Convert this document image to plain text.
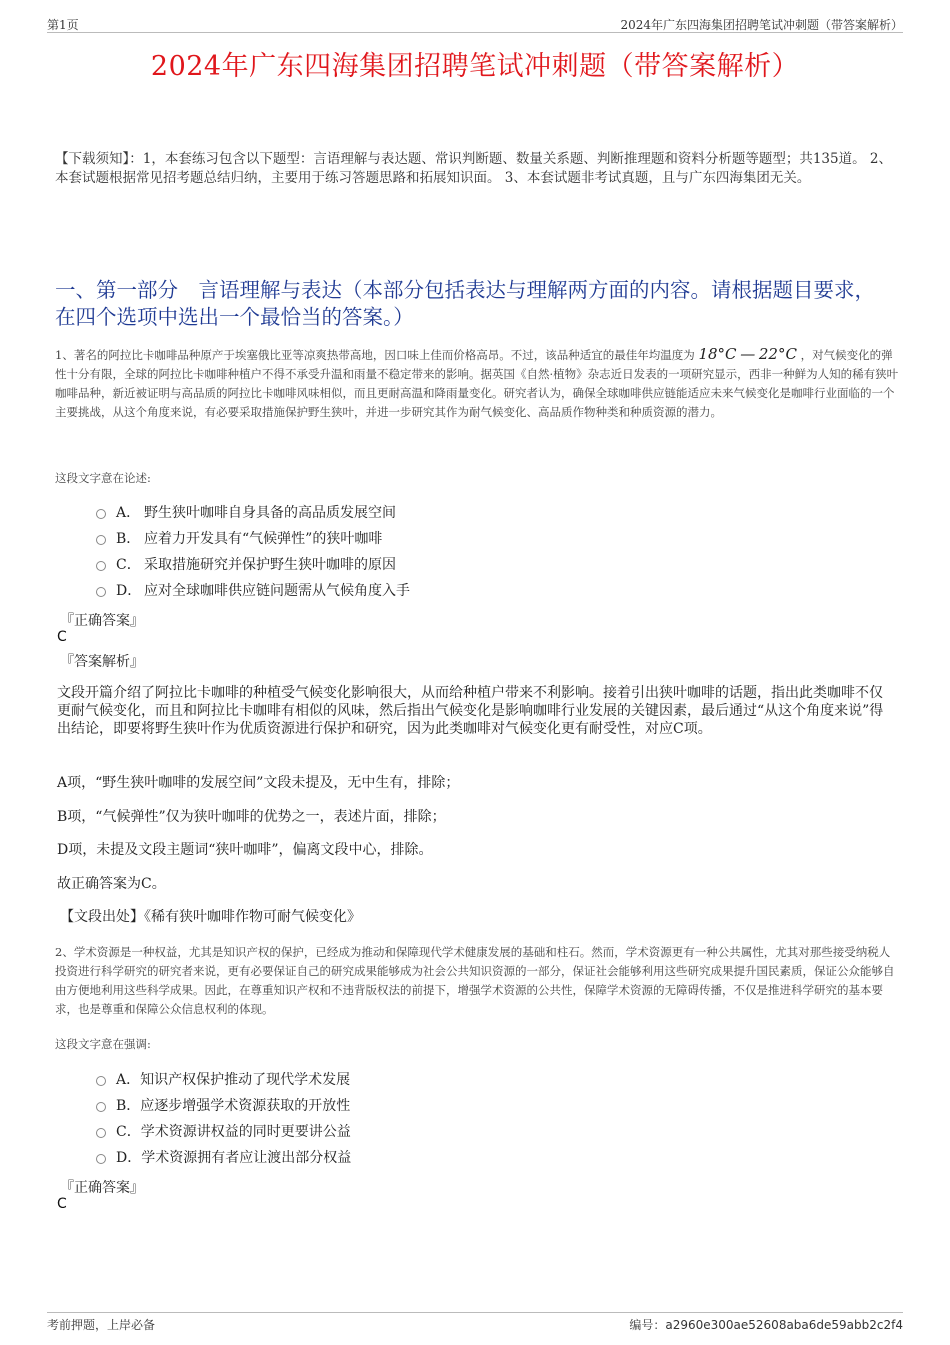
第1页	2024年广东四海集团招聘笔试冲刺题（带答案解析）
2024年广东四海集团招聘笔试冲刺题（带答案解析）
【下载须知】：1，本套练习包含以下题型：言语理解与表达题、常识判断题、数量关系题、判断推理题和资料分析题等题型；共135道。 2、本套试题根据常见招考题总结归纳，主要用于练习答题思路和拓展知识面。 3、本套试题非考试真题，且与广东四海集团无关。
一、第一部分　言语理解与表达（本部分包括表达与理解两方面的内容。请根据题目要求，在四个选项中选出一个最恰当的答案。）
1、著名的阿拉比卡咖啡品种原产于埃塞俄比亚等凉爽热带高地，因口味上佳而价格高昂。不过，该品种适宜的最佳年均温度为 18°C — 22°C ，对气候变化的弹性十分有限，全球的阿拉比卡咖啡种植户不得不承受升温和雨量不稳定带来的影响。据英国《自然·植物》杂志近日发表的一项研究显示，西非一种鲜为人知的稀有狭叶咖啡品种，新近被证明与高品质的阿拉比卡咖啡风味相似，而且更耐高温和降雨量变化。研究者认为，确保全球咖啡供应链能适应未来气候变化是咖啡行业面临的一个主要挑战，从这个角度来说，有必要采取措施保护野生狭叶，并进一步研究其作为耐气候变化、高品质作物种类和种质资源的潜力。
这段文字意在论述:
A． 野生狭叶咖啡自身具备的高品质发展空间
B． 应着力开发具有“气候弹性”的狭叶咖啡
C． 采取措施研究并保护野生狭叶咖啡的原因
D． 应对全球咖啡供应链问题需从气候角度入手
『正确答案』
C
『答案解析』
文段开篇介绍了阿拉比卡咖啡的种植受气候变化影响很大，从而给种植户带来不利影响。接着引出狭叶咖啡的话题，指出此类咖啡不仅更耐气候变化，而且和阿拉比卡咖啡有相似的风味，然后指出气候变化是影响咖啡行业发展的关键因素，最后通过“从这个角度来说”得出结论，即要将野生狭叶作为优质资源进行保护和研究，因为此类咖啡对气候变化更有耐受性，对应C项。
A项，“野生狭叶咖啡的发展空间”文段未提及，无中生有，排除；
B项，“气候弹性”仅为狭叶咖啡的优势之一，表述片面，排除；
D项，未提及文段主题词“狭叶咖啡”，偏离文段中心，排除。
故正确答案为C。
【文段出处】《稀有狭叶咖啡作物可耐气候变化》
2、学术资源是一种权益，尤其是知识产权的保护，已经成为推动和保障现代学术健康发展的基础和柱石。然而，学术资源更有一种公共属性，尤其对那些接受纳税人投资进行科学研究的研究者来说，更有必要保证自己的研究成果能够成为社会公共知识资源的一部分，保证社会能够利用这些研究成果提升国民素质，保证公众能够自由方便地利用这些科学成果。因此，在尊重知识产权和不违背版权法的前提下，增强学术资源的公共性，保障学术资源的无障碍传播，不仅是推进科学研究的基本要求，也是尊重和保障公众信息权利的体现。
这段文字意在强调:
A．知识产权保护推动了现代学术发展
B．应逐步增强学术资源获取的开放性
C．学术资源讲权益的同时更要讲公益
D．学术资源拥有者应让渡出部分权益
『正确答案』
C
考前押题，上岸必备	编号：a2960e300ae52608aba6de59abb2c2f4
